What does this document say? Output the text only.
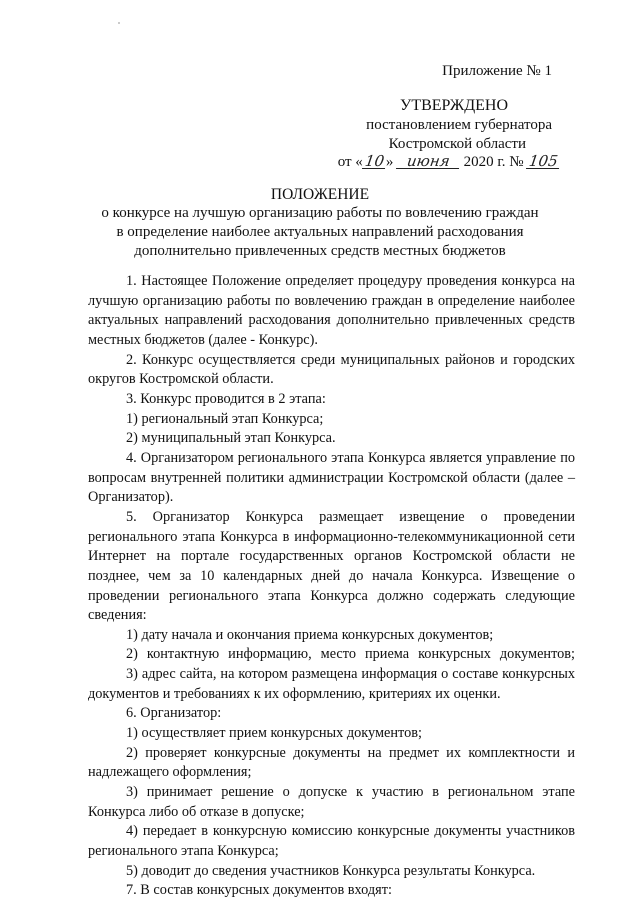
Приложение № 1
УТВЕРЖДЕНО
постановлением губернатора
Костромской области
от «10» июня 2020 г. № 105
ПОЛОЖЕНИЕ
о конкурсе на лучшую организацию работы по вовлечению граждан
в определение наиболее актуальных направлений расходования
дополнительно привлеченных средств местных бюджетов

1. Настоящее Положение определяет процедуру проведения конкурса на лучшую организацию работы по вовлечению граждан в определение наиболее актуальных направлений расходования дополнительно привлеченных средств местных бюджетов (далее - Конкурс).

2. Конкурс осуществляется среди муниципальных районов и городских округов Костромской области.

3. Конкурс проводится в 2 этапа:

1) региональный этап Конкурса;

2) муниципальный этап Конкурса.

4. Организатором регионального этапа Конкурса является управление по вопросам внутренней политики администрации Костромской области (далее – Организатор).

5. Организатор Конкурса размещает извещение о проведении регионального этапа Конкурса в информационно-телекоммуникационной сети Интернет на портале государственных органов Костромской области не позднее, чем за 10 календарных дней до начала Конкурса. Извещение о проведении регионального этапа Конкурса должно содержать следующие сведения:

1) дату начала и окончания приема конкурсных документов;

2) контактную информацию, место приема конкурсных документов;

3) адрес сайта, на котором размещена информация о составе конкурсных документов и требованиях к их оформлению, критериях их оценки.

6. Организатор:

1) осуществляет прием конкурсных документов;

2) проверяет конкурсные документы на предмет их комплектности и надлежащего оформления;

3) принимает решение о допуске к участию в региональном этапе Конкурса либо об отказе в допуске;

4) передает в конкурсную комиссию конкурсные документы участников регионального этапа Конкурса;

5) доводит до сведения участников Конкурса результаты Конкурса.

7. В состав конкурсных документов входят:
